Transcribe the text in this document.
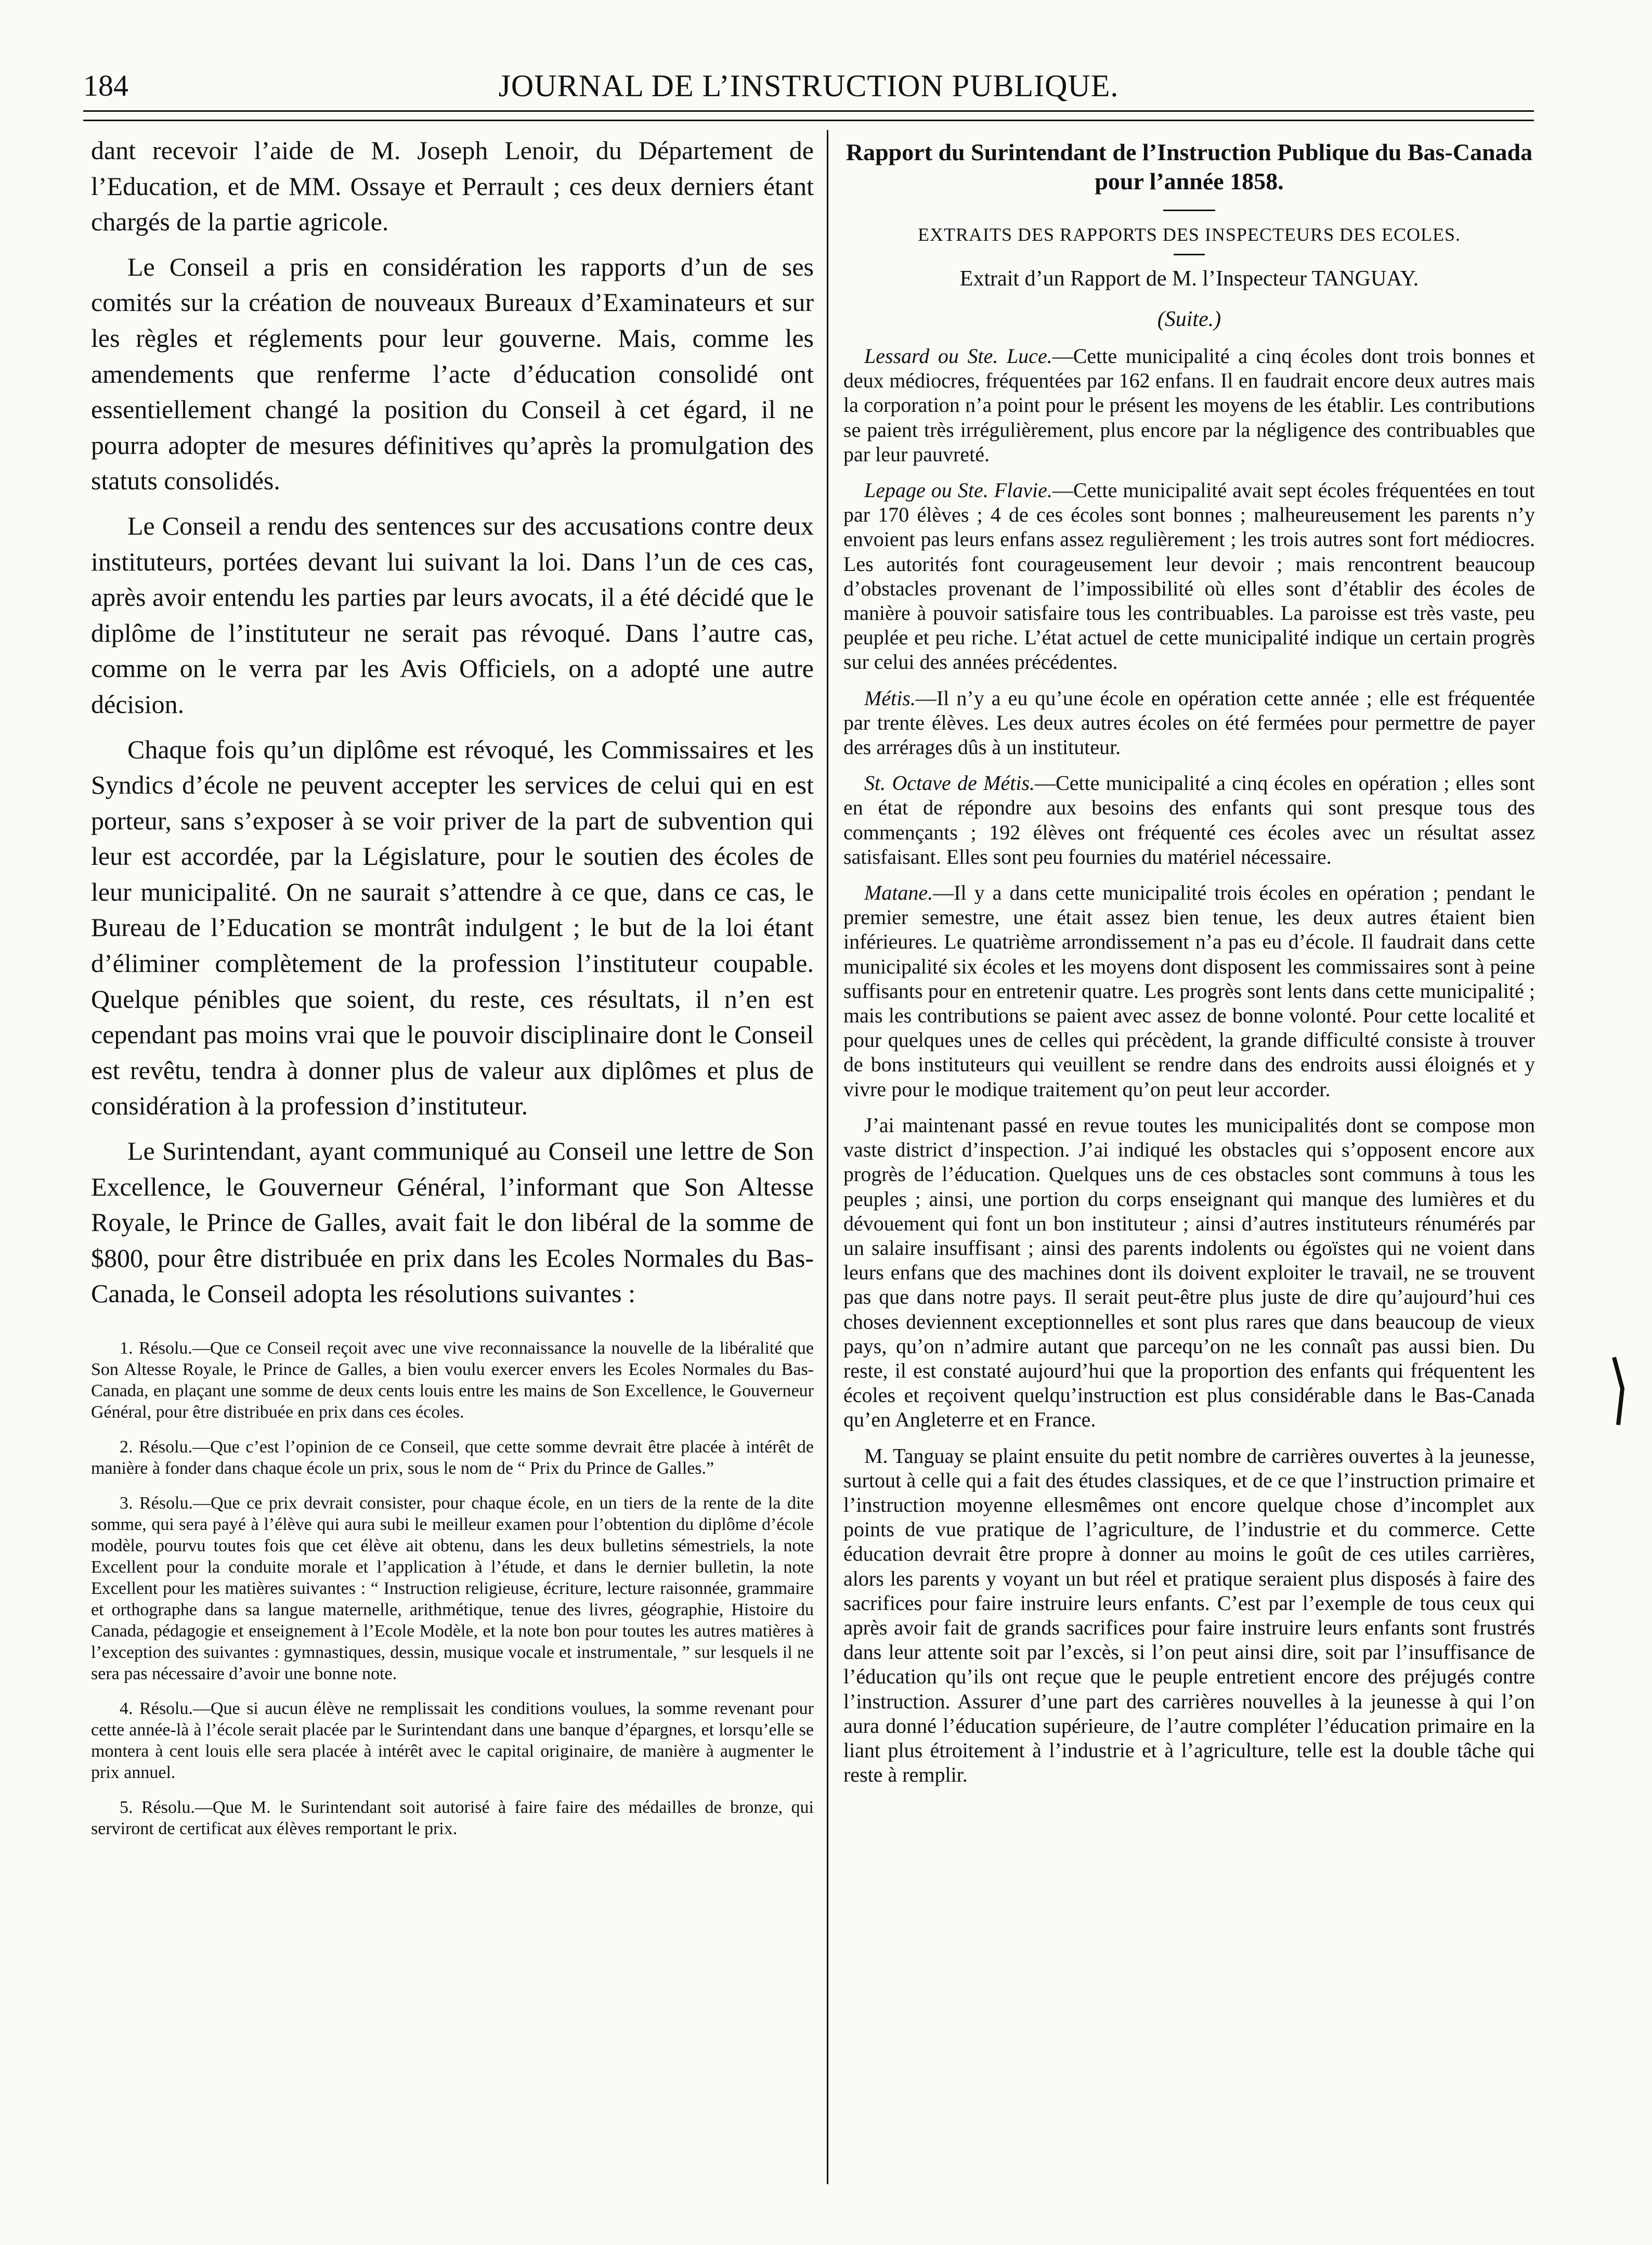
JOURNAL DE L’INSTRUCTION PUBLIQUE.
184

dant recevoir l’aide de M. Joseph Lenoir, du Département de l’Education, et de MM. Ossaye et Perrault ; ces deux derniers étant chargés de la partie agricole.

Le Conseil a pris en considération les rapports d’un de ses comités sur la création de nouveaux Bureaux d’Examinateurs et sur les règles et réglements pour leur gouverne. Mais, comme les amendements que renferme l’acte d’éducation consolidé ont essentiellement changé la position du Conseil à cet égard, il ne pourra adopter de mesures définitives qu’après la promulgation des statuts consolidés.

Le Conseil a rendu des sentences sur des accusations contre deux instituteurs, portées devant lui suivant la loi. Dans l’un de ces cas, après avoir entendu les parties par leurs avocats, il a été décidé que le diplôme de l’instituteur ne serait pas révoqué. Dans l’autre cas, comme on le verra par les Avis Officiels, on a adopté une autre décision.

Chaque fois qu’un diplôme est révoqué, les Commissaires et les Syndics d’école ne peuvent accepter les services de celui qui en est porteur, sans s’exposer à se voir priver de la part de subvention qui leur est accordée, par la Législature, pour le soutien des écoles de leur municipalité. On ne saurait s’attendre à ce que, dans ce cas, le Bureau de l’Education se montrât indulgent ; le but de la loi étant d’éliminer complètement de la profession l’instituteur coupable. Quelque pénibles que soient, du reste, ces résultats, il n’en est cependant pas moins vrai que le pouvoir disciplinaire dont le Conseil est revêtu, tendra à donner plus de valeur aux diplômes et plus de considération à la profession d’instituteur.

Le Surintendant, ayant communiqué au Conseil une lettre de Son Excellence, le Gouverneur Général, l’informant que Son Altesse Royale, le Prince de Galles, avait fait le don libéral de la somme de $800, pour être distribuée en prix dans les Ecoles Normales du Bas-Canada, le Conseil adopta les résolutions suivantes :

1. Résolu.—Que ce Conseil reçoit avec une vive reconnaissance la nouvelle de la libéralité que Son Altesse Royale, le Prince de Galles, a bien voulu exercer envers les Ecoles Normales du Bas-Canada, en plaçant une somme de deux cents louis entre les mains de Son Excellence, le Gouverneur Général, pour être distribuée en prix dans ces écoles.

2. Résolu.—Que c’est l’opinion de ce Conseil, que cette somme devrait être placée à intérêt de manière à fonder dans chaque école un prix, sous le nom de “ Prix du Prince de Galles.”

3. Résolu.—Que ce prix devrait consister, pour chaque école, en un tiers de la rente de la dite somme, qui sera payé à l’élève qui aura subi le meilleur examen pour l’obtention du diplôme d’école modèle, pourvu toutes fois que cet élève ait obtenu, dans les deux bulletins sémestriels, la note Excellent pour la conduite morale et l’application à l’étude, et dans le dernier bulletin, la note Excellent pour les matières suivantes : “ Instruction religieuse, écriture, lecture raisonnée, grammaire et orthographe dans sa langue maternelle, arithmétique, tenue des livres, géographie, Histoire du Canada, pédagogie et enseignement à l’Ecole Modèle, et la note bon pour toutes les autres matières à l’exception des suivantes : gymnastiques, dessin, musique vocale et instrumentale, ” sur lesquels il ne sera pas nécessaire d’avoir une bonne note.

4. Résolu.—Que si aucun élève ne remplissait les conditions voulues, la somme revenant pour cette année-là à l’école serait placée par le Surintendant dans une banque d’épargnes, et lorsqu’elle se montera à cent louis elle sera placée à intérêt avec le capital originaire, de manière à augmenter le prix annuel.

5. Résolu.—Que M. le Surintendant soit autorisé à faire faire des médailles de bronze, qui serviront de certificat aux élèves remportant le prix.

Rapport du Surintendant de l’Instruction Publique du Bas-Canada pour l’année 1858.
EXTRAITS DES RAPPORTS DES INSPECTEURS DES ECOLES.
Extrait d’un Rapport de M. l’Inspecteur TANGUAY.
(Suite.)

Lessard ou Ste. Luce.—Cette municipalité a cinq écoles dont trois bonnes et deux médiocres, fréquentées par 162 enfans. Il en faudrait encore deux autres mais la corporation n’a point pour le présent les moyens de les établir. Les contributions se paient très irrégulièrement, plus encore par la négligence des contribuables que par leur pauvreté.

Lepage ou Ste. Flavie.—Cette municipalité avait sept écoles fréquentées en tout par 170 élèves ; 4 de ces écoles sont bonnes ; malheureusement les parents n’y envoient pas leurs enfans assez regulièrement ; les trois autres sont fort médiocres. Les autorités font courageusement leur devoir ; mais rencontrent beaucoup d’obstacles provenant de l’impossibilité où elles sont d’établir des écoles de manière à pouvoir satisfaire tous les contribuables. La paroisse est très vaste, peu peuplée et peu riche. L’état actuel de cette municipalité indique un certain progrès sur celui des années précédentes.

Métis.—Il n’y a eu qu’une école en opération cette année ; elle est fréquentée par trente élèves. Les deux autres écoles on été fermées pour permettre de payer des arrérages dûs à un instituteur.

St. Octave de Métis.—Cette municipalité a cinq écoles en opération ; elles sont en état de répondre aux besoins des enfants qui sont presque tous des commençants ; 192 élèves ont fréquenté ces écoles avec un résultat assez satisfaisant. Elles sont peu fournies du matériel nécessaire.

Matane.—Il y a dans cette municipalité trois écoles en opération ; pendant le premier semestre, une était assez bien tenue, les deux autres étaient bien inférieures. Le quatrième arrondissement n’a pas eu d’école. Il faudrait dans cette municipalité six écoles et les moyens dont disposent les commissaires sont à peine suffisants pour en entretenir quatre. Les progrès sont lents dans cette municipalité ; mais les contributions se paient avec assez de bonne volonté. Pour cette localité et pour quelques unes de celles qui précèdent, la grande difficulté consiste à trouver de bons instituteurs qui veuillent se rendre dans des endroits aussi éloignés et y vivre pour le modique traitement qu’on peut leur accorder.

J’ai maintenant passé en revue toutes les municipalités dont se compose mon vaste district d’inspection. J’ai indiqué les obstacles qui s’opposent encore aux progrès de l’éducation. Quelques uns de ces obstacles sont communs à tous les peuples ; ainsi, une portion du corps enseignant qui manque des lumières et du dévouement qui font un bon instituteur ; ainsi d’autres instituteurs rénumérés par un salaire insuffisant ; ainsi des parents indolents ou égoïstes qui ne voient dans leurs enfans que des machines dont ils doivent exploiter le travail, ne se trouvent pas que dans notre pays. Il serait peut-être plus juste de dire qu’aujourd’hui ces choses deviennent exceptionnelles et sont plus rares que dans beaucoup de vieux pays, qu’on n’admire autant que parcequ’on ne les connaît pas aussi bien. Du reste, il est constaté aujourd’hui que la proportion des enfants qui fréquentent les écoles et reçoivent quelqu’instruction est plus considérable dans le Bas-Canada qu’en Angleterre et en France.

M. Tanguay se plaint ensuite du petit nombre de carrières ouvertes à la jeunesse, surtout à celle qui a fait des études classiques, et de ce que l’instruction primaire et l’instruction moyenne ellesmêmes ont encore quelque chose d’incomplet aux points de vue pratique de l’agriculture, de l’industrie et du commerce. Cette éducation devrait être propre à donner au moins le goût de ces utiles carrières, alors les parents y voyant un but réel et pratique seraient plus disposés à faire des sacrifices pour faire instruire leurs enfants. C’est par l’exemple de tous ceux qui après avoir fait de grands sacrifices pour faire instruire leurs enfants sont frustrés dans leur attente soit par l’excès, si l’on peut ainsi dire, soit par l’insuffisance de l’éducation qu’ils ont reçue que le peuple entretient encore des préjugés contre l’instruction. Assurer d’une part des carrières nouvelles à la jeunesse à qui l’on aura donné l’éducation supérieure, de l’autre compléter l’éducation primaire en la liant plus étroitement à l’industrie et à l’agriculture, telle est la double tâche qui reste à remplir.
